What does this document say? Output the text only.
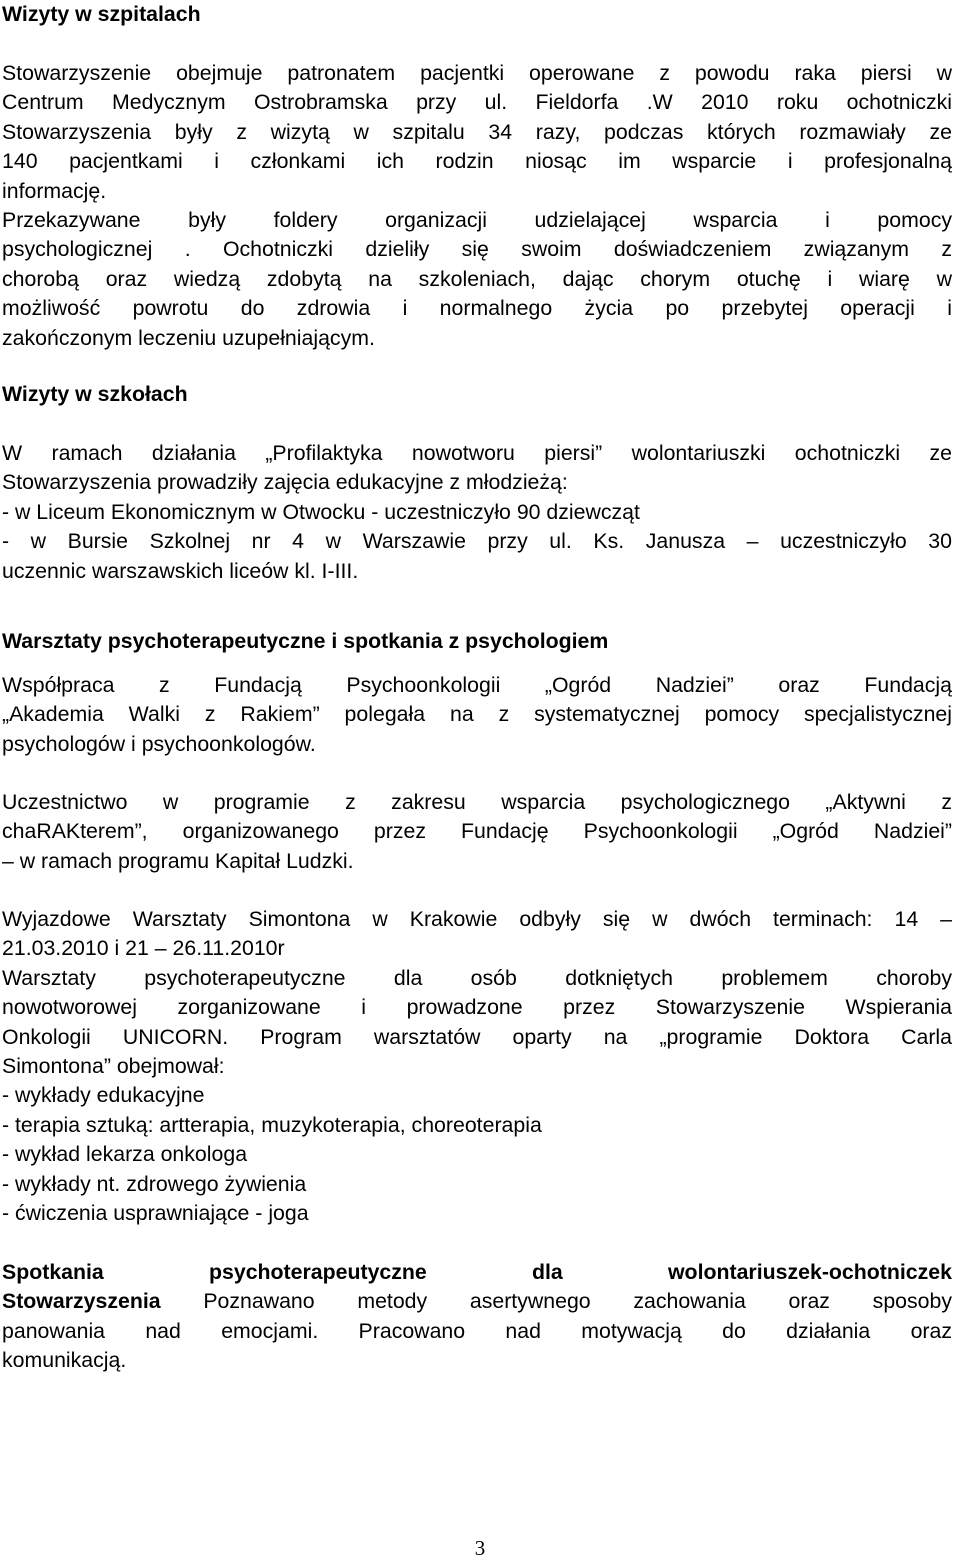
Wizyty w szpitalach
Stowarzyszenie obejmuje patronatem pacjentki operowane z powodu raka piersi w
Centrum Medycznym Ostrobramska przy ul. Fieldorfa .W 2010 roku ochotniczki
Stowarzyszenia były z wizytą w szpitalu 34 razy, podczas których rozmawiały ze
140 pacjentkami i członkami ich rodzin niosąc im wsparcie i profesjonalną
informację.
Przekazywane były foldery organizacji udzielającej wsparcia i pomocy
psychologicznej . Ochotniczki dzieliły się swoim doświadczeniem związanym z
chorobą oraz wiedzą zdobytą na szkoleniach, dając chorym otuchę i wiarę w
możliwość powrotu do zdrowia i normalnego życia po przebytej operacji i
zakończonym leczeniu uzupełniającym.
Wizyty w szkołach
W ramach działania „Profilaktyka nowotworu piersi” wolontariuszki ochotniczki ze
Stowarzyszenia prowadziły zajęcia edukacyjne z młodzieżą:
- w Liceum Ekonomicznym w Otwocku - uczestniczyło 90 dziewcząt
- w Bursie Szkolnej nr 4 w Warszawie przy ul. Ks. Janusza – uczestniczyło 30
uczennic warszawskich liceów kl. I-III.
Warsztaty psychoterapeutyczne i spotkania z psychologiem
Współpraca z Fundacją Psychoonkologii „Ogród Nadziei” oraz Fundacją
„Akademia Walki z Rakiem” polegała na z systematycznej pomocy specjalistycznej
psychologów i psychoonkologów.
Uczestnictwo w programie z zakresu wsparcia psychologicznego „Aktywni z
chaRAKterem”, organizowanego przez Fundację Psychoonkologii „Ogród Nadziei”
– w ramach programu Kapitał Ludzki.
Wyjazdowe Warsztaty Simontona w Krakowie odbyły się w dwóch terminach: 14 –
21.03.2010 i 21 – 26.11.2010r
Warsztaty psychoterapeutyczne dla osób dotkniętych problemem choroby
nowotworowej zorganizowane i prowadzone przez Stowarzyszenie Wspierania
Onkologii UNICORN. Program warsztatów oparty na „programie Doktora Carla
Simontona” obejmował:
- wykłady edukacyjne
- terapia sztuką: artterapia, muzykoterapia, choreoterapia
- wykład lekarza onkologa
- wykłady nt. zdrowego żywienia
- ćwiczenia usprawniające - joga
Spotkania psychoterapeutyczne dla wolontariuszek-ochotniczek
Stowarzyszenia Poznawano metody asertywnego zachowania oraz sposoby
panowania nad emocjami. Pracowano nad motywacją do działania oraz
komunikacją.
3
